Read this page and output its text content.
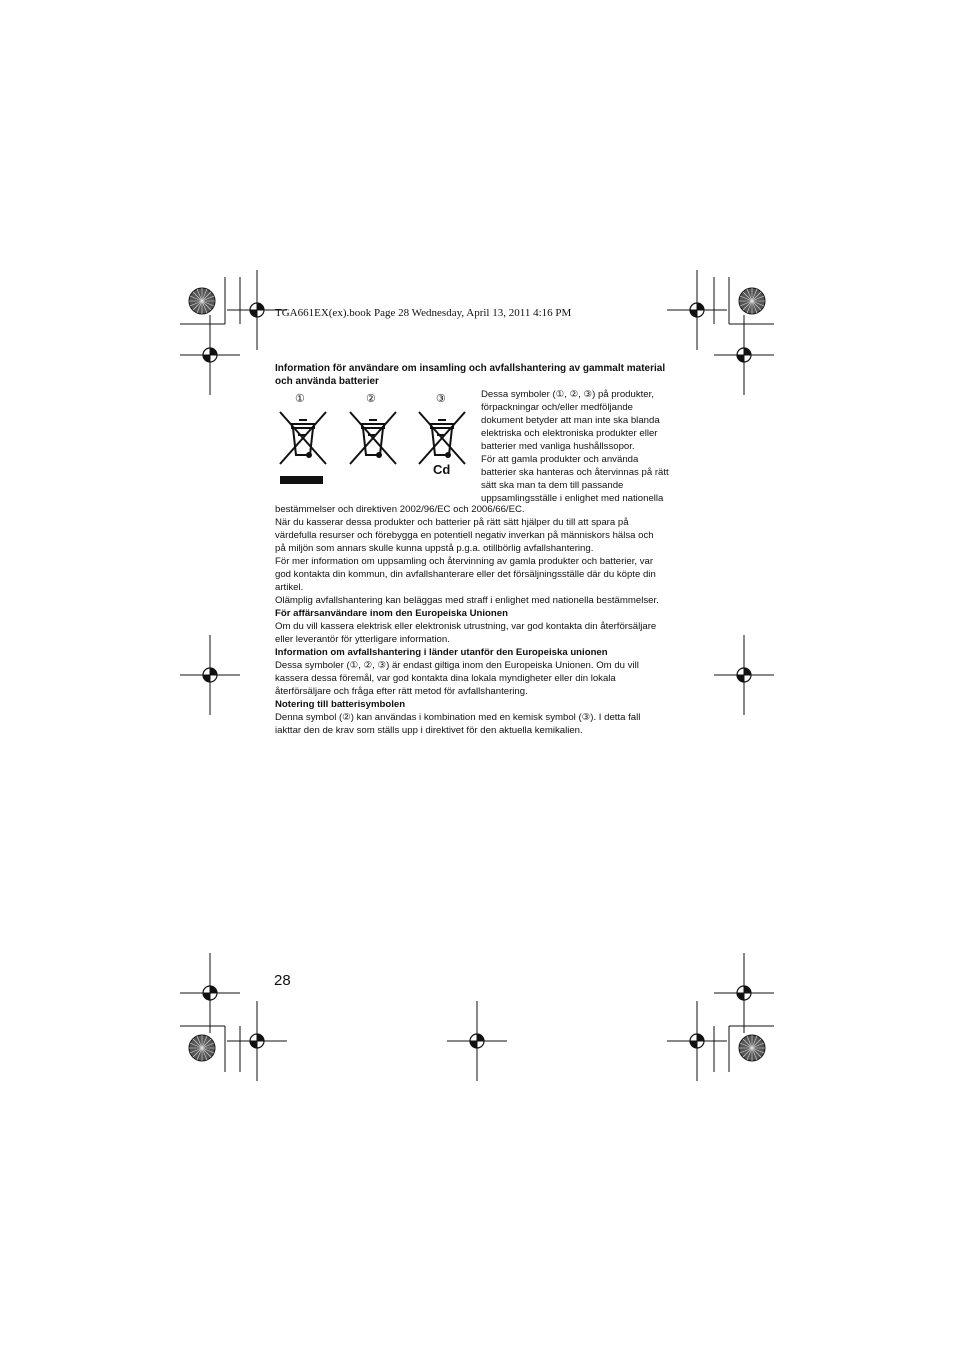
TGA661EX(ex).book Page 28 Wednesday, April 13, 2011 4:16 PM
Information för användare om insamling och avfallshantering av gammalt material och använda batterier
①	②	③
Cd

Dessa symboler (①, ②, ③) på produkter,

förpackningar och/eller medföljande

dokument betyder att man inte ska blanda

elektriska och elektroniska produkter eller

batterier med vanliga hushållssopor.

För att gamla produkter och använda

batterier ska hanteras och återvinnas på rätt

sätt ska man ta dem till passande

uppsamlingsställe i enlighet med nationella

bestämmelser och direktiven 2002/96/EC och 2006/66/EC.

När du kasserar dessa produkter och batterier på rätt sätt hjälper du till att spara på

värdefulla resurser och förebygga en potentiell negativ inverkan på människors hälsa och

på miljön som annars skulle kunna uppstå p.g.a. otillbörlig avfallshantering.

För mer information om uppsamling och återvinning av gamla produkter och batterier, var

god kontakta din kommun, din avfallshanterare eller det försäljningsställe där du köpte din

artikel.

Olämplig avfallshantering kan beläggas med straff i enlighet med nationella bestämmelser.

För affärsanvändare inom den Europeiska Unionen

Om du vill kassera elektrisk eller elektronisk utrustning, var god kontakta din återförsäljare

eller leverantör för ytterligare information.

Information om avfallshantering i länder utanför den Europeiska unionen

Dessa symboler (①, ②, ③) är endast giltiga inom den Europeiska Unionen. Om du vill

kassera dessa föremål, var god kontakta dina lokala myndigheter eller din lokala

återförsäljare och fråga efter rätt metod för avfallshantering.

Notering till batterisymbolen

Denna symbol (②) kan användas i kombination med en kemisk symbol (③). I detta fall

iakttar den de krav som ställs upp i direktivet för den aktuella kemikalien.

28
